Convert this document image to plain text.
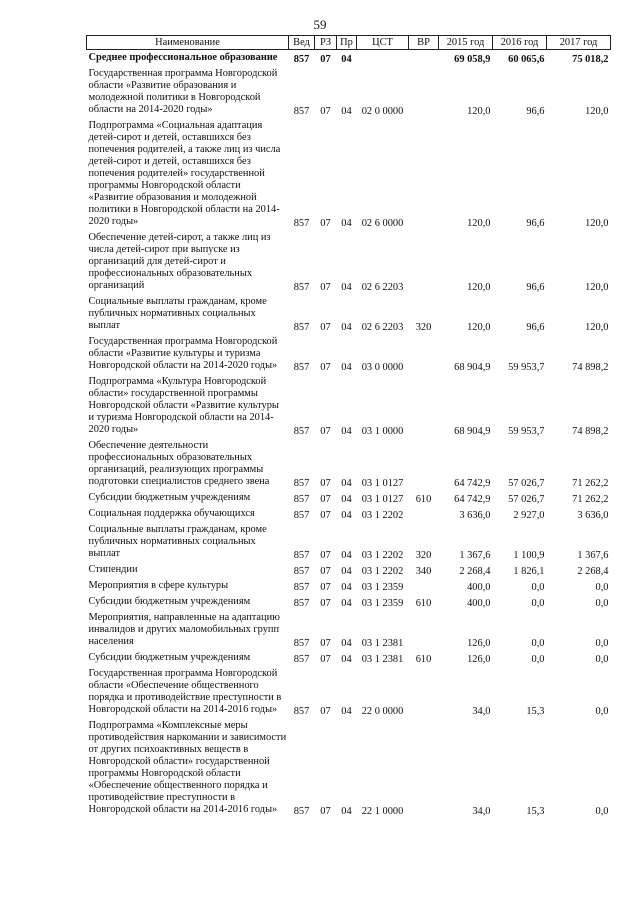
59
Наименование	Вед	РЗ	Пр	ЦСТ	ВР	2015 год	2016 год	2017 год
Среднее профессиональное образование	857	07	04			69 058,9	60 065,6	75 018,2
Государственная программа Новгородской области «Развитие образования и молодежной политики в Новгородской области на 2014-2020 годы»	857	07	04	02 0 0000		120,0	96,6	120,0
Подпрограмма «Социальная адаптация детей-сирот и детей, оставшихся без попечения родителей, а также лиц из числа детей-сирот и детей, оставшихся без попечения родителей» государственной программы Новгородской области «Развитие образования и молодежной политики в Новгородской области на 2014-2020 годы»	857	07	04	02 6 0000		120,0	96,6	120,0
Обеспечение детей-сирот, а также лиц из числа детей-сирот при выпуске из организаций для детей-сирот и профессиональных образовательных организаций	857	07	04	02 6 2203		120,0	96,6	120,0
Социальные выплаты гражданам, кроме публичных нормативных социальных выплат	857	07	04	02 6 2203	320	120,0	96,6	120,0
Государственная программа Новгородской области «Развитие культуры и туризма Новгородской области на 2014-2020 годы»	857	07	04	03 0 0000		68 904,9	59 953,7	74 898,2
Подпрограмма «Культура Новгородской области» государственной программы Новгородской области «Развитие культуры и туризма Новгородской области на 2014-2020 годы»	857	07	04	03 1 0000		68 904,9	59 953,7	74 898,2
Обеспечение деятельности профессиональных образовательных организаций, реализующих программы подготовки специалистов среднего звена	857	07	04	03 1 0127		64 742,9	57 026,7	71 262,2
Субсидии бюджетным учреждениям	857	07	04	03 1 0127	610	64 742,9	57 026,7	71 262,2
Социальная поддержка обучающихся	857	07	04	03 1 2202		3 636,0	2 927,0	3 636,0
Социальные выплаты гражданам, кроме публичных нормативных социальных выплат	857	07	04	03 1 2202	320	1 367,6	1 100,9	1 367,6
Стипендии	857	07	04	03 1 2202	340	2 268,4	1 826,1	2 268,4
Мероприятия в сфере культуры	857	07	04	03 1 2359		400,0	0,0	0,0
Субсидии бюджетным учреждениям	857	07	04	03 1 2359	610	400,0	0,0	0,0
Мероприятия, направленные на адаптацию инвалидов и других маломобильных групп населения	857	07	04	03 1 2381		126,0	0,0	0,0
Субсидии бюджетным учреждениям	857	07	04	03 1 2381	610	126,0	0,0	0,0
Государственная программа Новгородской области «Обеспечение общественного порядка и противодействие преступности в Новгородской области на 2014-2016 годы»	857	07	04	22 0 0000		34,0	15,3	0,0
Подпрограмма «Комплексные меры противодействия наркомании и зависимости от других психоактивных веществ в Новгородской области» государственной программы Новгородской области «Обеспечение общественного порядка и противодействие преступности в Новгородской области на 2014-2016 годы»	857	07	04	22 1 0000		34,0	15,3	0,0
